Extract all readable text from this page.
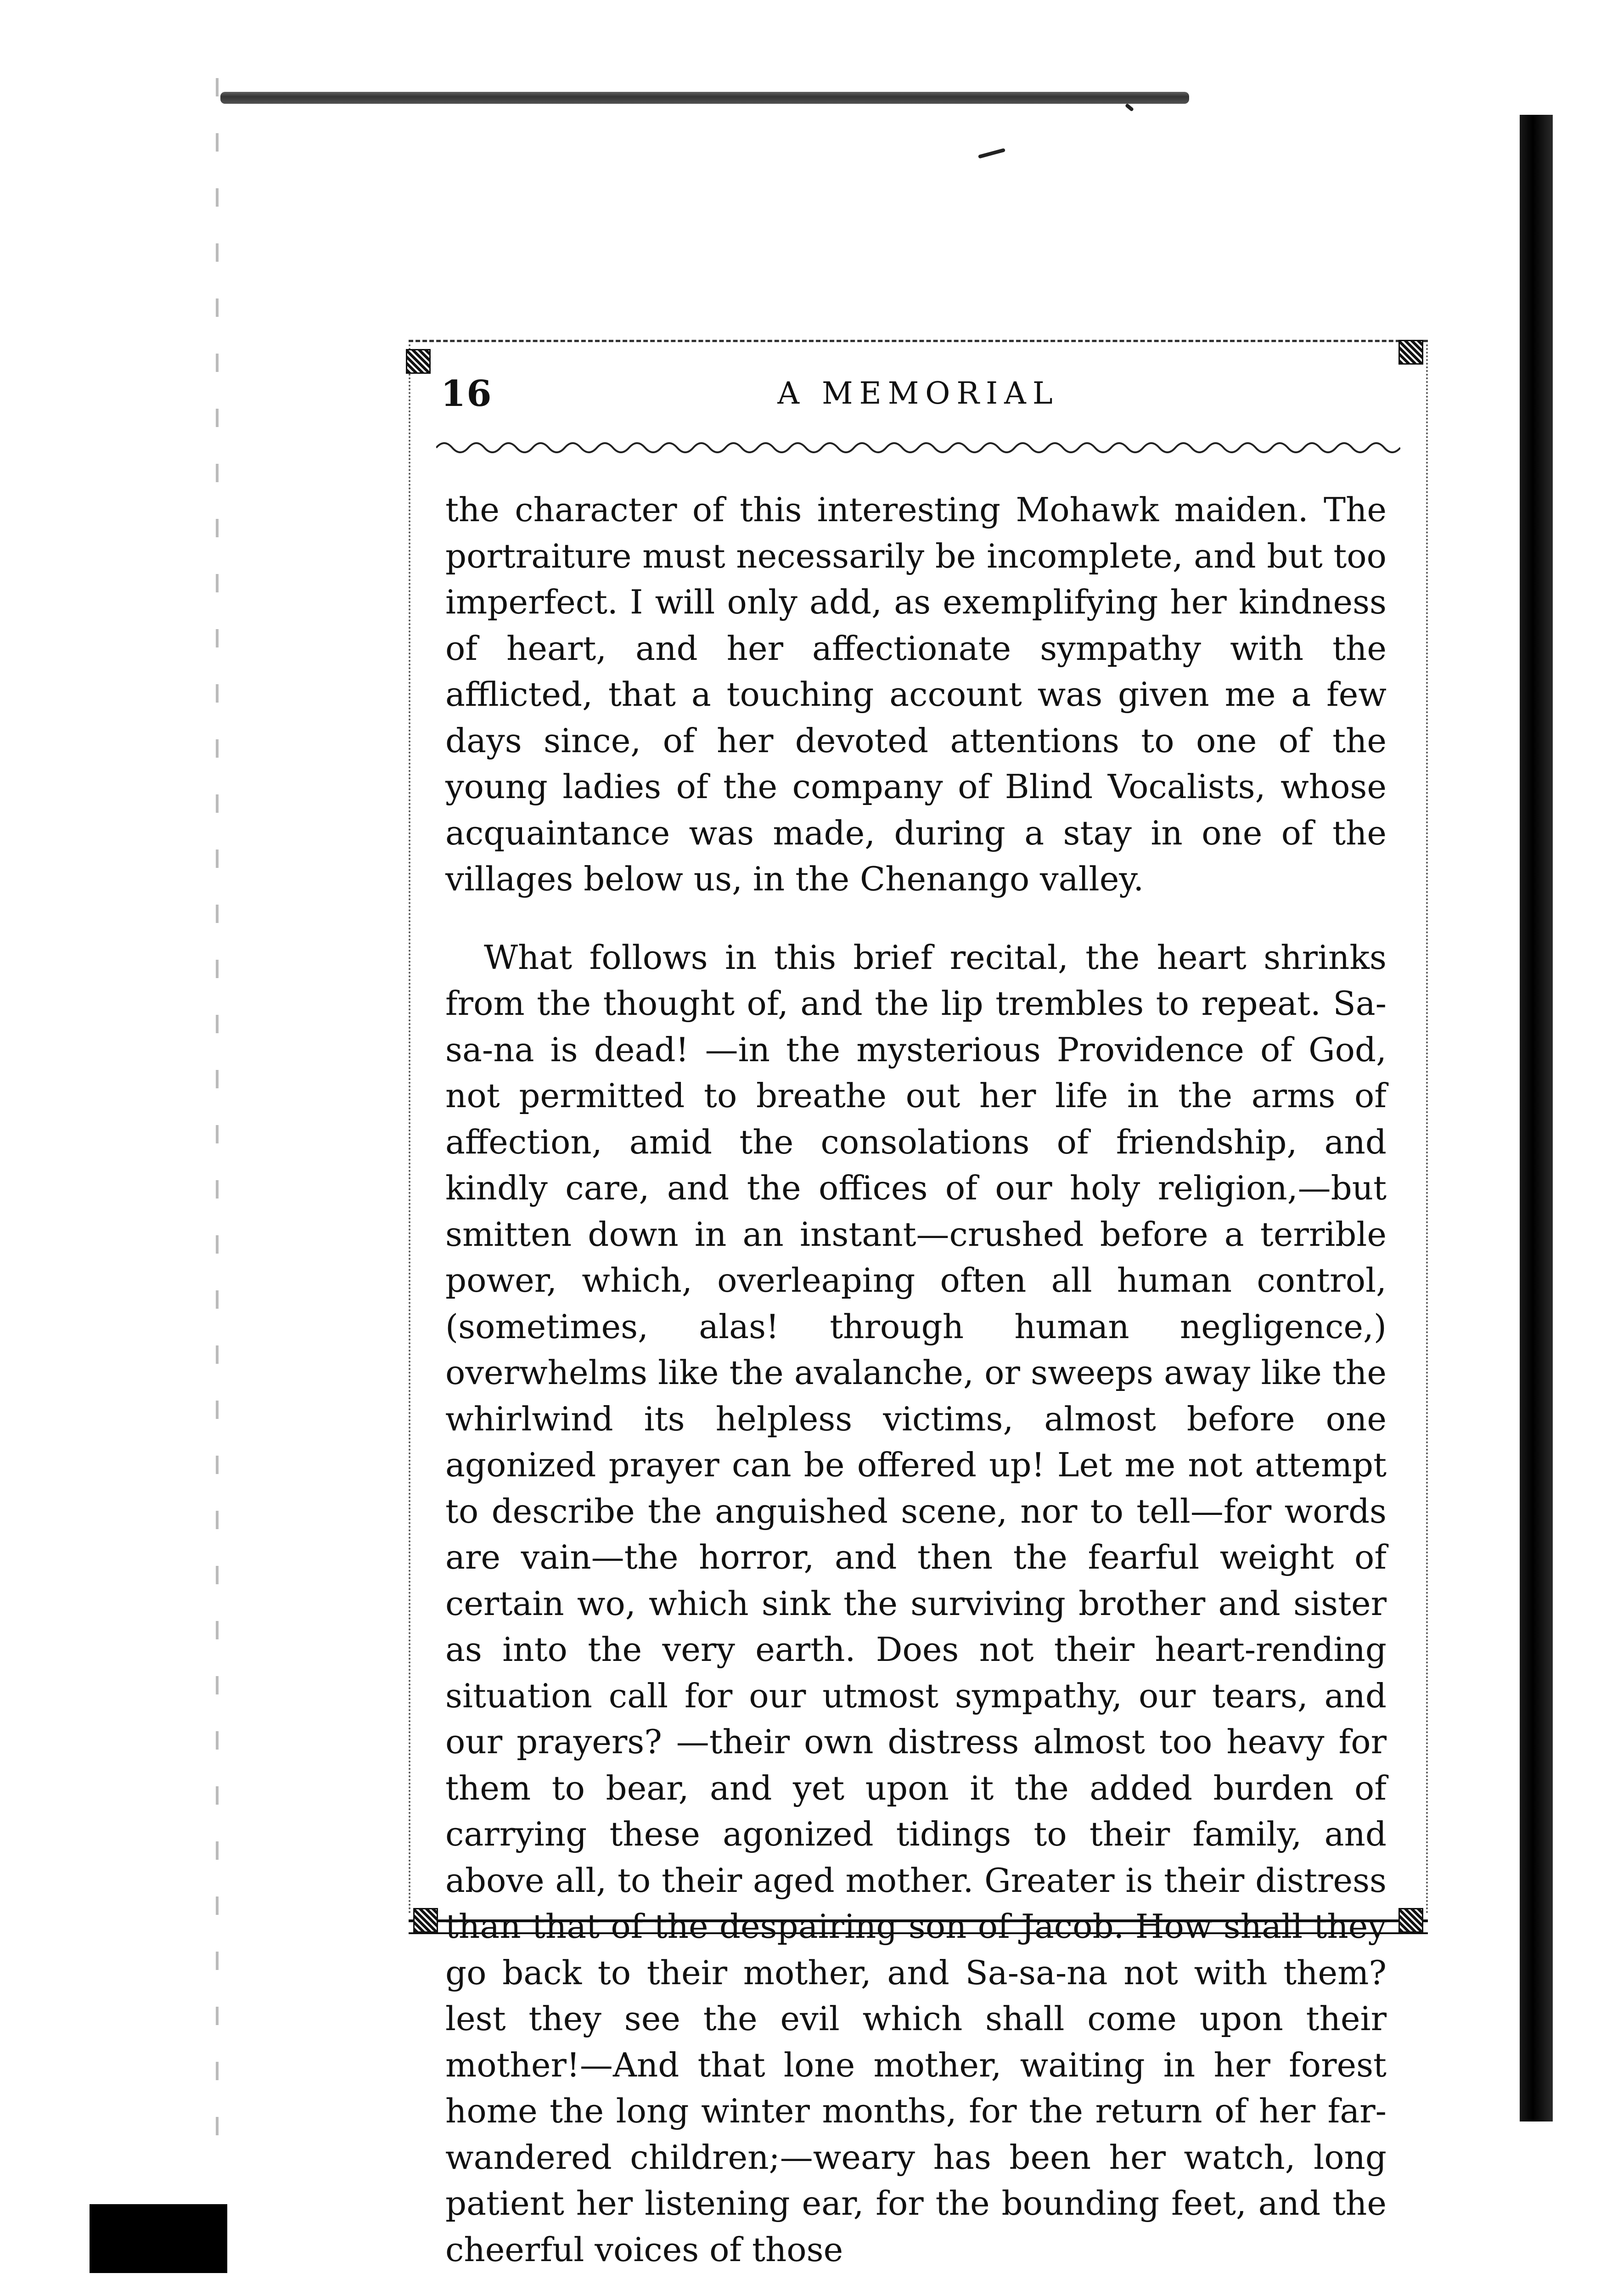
16	A MEMORIAL

the character of this interesting Mohawk maiden. The portraiture must necessarily be incomplete, and but too imperfect. I will only add, as exemplifying her kindness of heart, and her affectionate sympathy with the afflicted, that a touching account was given me a few days since, of her devoted attentions to one of the young ladies of the company of Blind Vocalists, whose acquaintance was made, during a stay in one of the villages below us, in the Chenango valley.

What follows in this brief recital, the heart shrinks from the thought of, and the lip trembles to repeat. Sa-sa-na is dead! —in the mysterious Providence of God, not permitted to breathe out her life in the arms of affection, amid the consolations of friendship, and kindly care, and the offices of our holy religion,—but smitten down in an instant—crushed before a terrible power, which, overleaping often all human control, (sometimes, alas! through human negligence,) overwhelms like the avalanche, or sweeps away like the whirlwind its helpless victims, almost before one agonized prayer can be offered up! Let me not attempt to describe the anguished scene, nor to tell—for words are vain—the horror, and then the fearful weight of certain wo, which sink the surviving brother and sister as into the very earth. Does not their heart-rending situation call for our utmost sympathy, our tears, and our prayers? —their own distress almost too heavy for them to bear, and yet upon it the added burden of carrying these agonized tidings to their family, and above all, to their aged mother. Greater is their distress than that of the despairing son of Jacob. How shall they go back to their mother, and Sa-sa-na not with them? lest they see the evil which shall come upon their mother!—And that lone mother, waiting in her forest home the long winter months, for the return of her far-wandered children;—weary has been her watch, long patient her listening ear, for the bounding feet, and the cheerful voices of those
